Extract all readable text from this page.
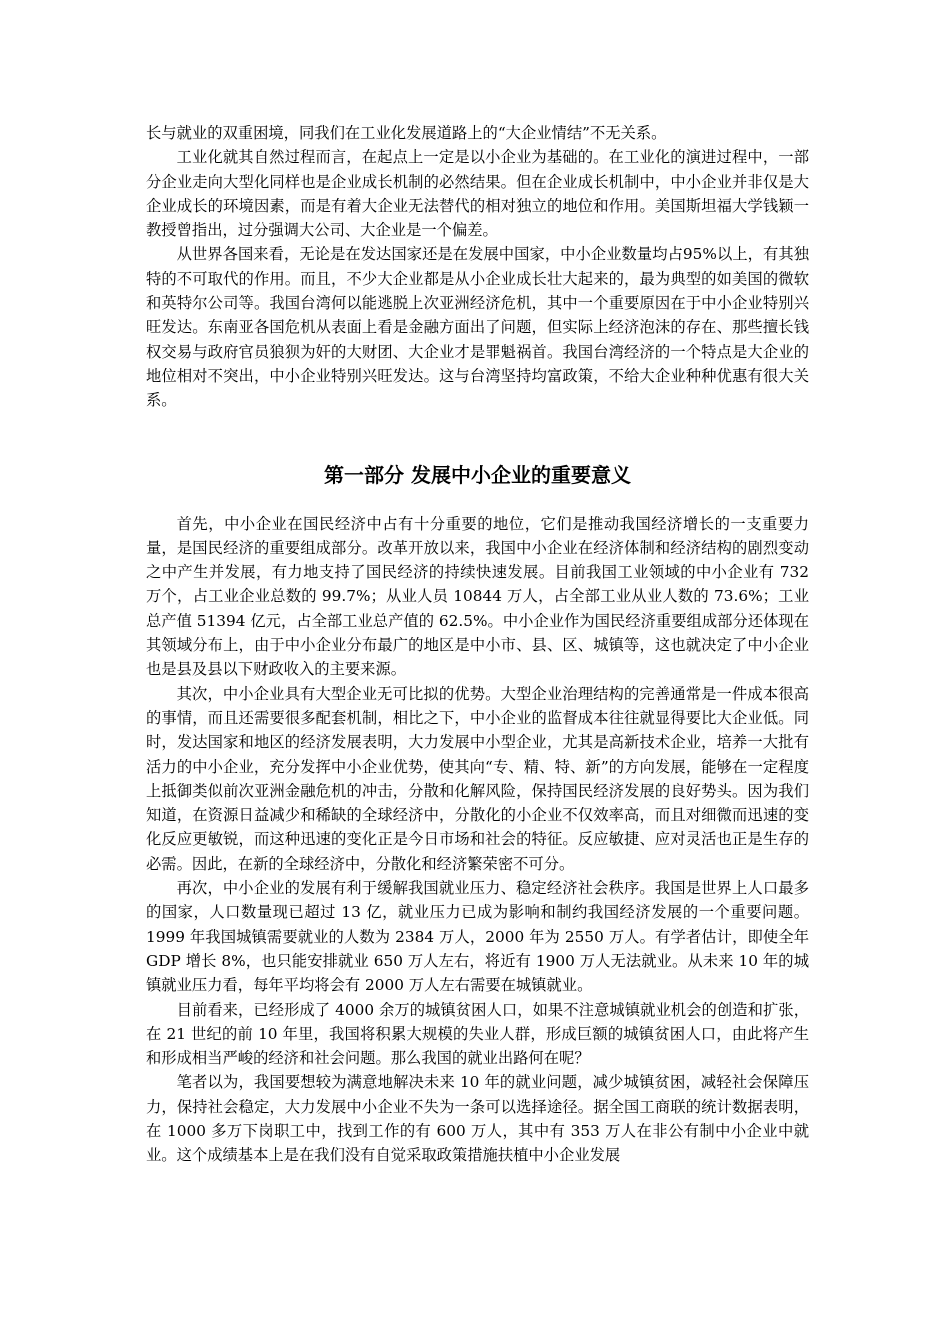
长与就业的双重困境，同我们在工业化发展道路上的“大企业情结”不无关系。

工业化就其自然过程而言，在起点上一定是以小企业为基础的。在工业化的演进过程中，一部分企业走向大型化同样也是企业成长机制的必然结果。但在企业成长机制中，中小企业并非仅是大企业成长的环境因素，而是有着大企业无法替代的相对独立的地位和作用。美国斯坦福大学钱颖一教授曾指出，过分强调大公司、大企业是一个偏差。

从世界各国来看，无论是在发达国家还是在发展中国家，中小企业数量均占95%以上，有其独特的不可取代的作用。而且，不少大企业都是从小企业成长壮大起来的，最为典型的如美国的微软和英特尔公司等。我国台湾何以能逃脱上次亚洲经济危机，其中一个重要原因在于中小企业特别兴旺发达。东南亚各国危机从表面上看是金融方面出了问题，但实际上经济泡沫的存在、那些擅长钱权交易与政府官员狼狈为奸的大财团、大企业才是罪魁祸首。我国台湾经济的一个特点是大企业的地位相对不突出，中小企业特别兴旺发达。这与台湾坚持均富政策，不给大企业种种优惠有很大关系。

第一部分 发展中小企业的重要意义

首先，中小企业在国民经济中占有十分重要的地位，它们是推动我国经济增长的一支重要力量，是国民经济的重要组成部分。改革开放以来，我国中小企业在经济体制和经济结构的剧烈变动之中产生并发展，有力地支持了国民经济的持续快速发展。目前我国工业领域的中小企业有 732 万个，占工业企业总数的 99.7%；从业人员 10844 万人，占全部工业从业人数的 73.6%；工业总产值 51394 亿元，占全部工业总产值的 62.5%。中小企业作为国民经济重要组成部分还体现在其领域分布上，由于中小企业分布最广的地区是中小市、县、区、城镇等，这也就决定了中小企业也是县及县以下财政收入的主要来源。

其次，中小企业具有大型企业无可比拟的优势。大型企业治理结构的完善通常是一件成本很高的事情，而且还需要很多配套机制，相比之下，中小企业的监督成本往往就显得要比大企业低。同时，发达国家和地区的经济发展表明，大力发展中小型企业，尤其是高新技术企业，培养一大批有活力的中小企业，充分发挥中小企业优势，使其向“专、精、特、新”的方向发展，能够在一定程度上抵御类似前次亚洲金融危机的冲击，分散和化解风险，保持国民经济发展的良好势头。因为我们知道，在资源日益减少和稀缺的全球经济中，分散化的小企业不仅效率高，而且对细微而迅速的变化反应更敏锐，而这种迅速的变化正是今日市场和社会的特征。反应敏捷、应对灵活也正是生存的必需。因此，在新的全球经济中，分散化和经济繁荣密不可分。

再次，中小企业的发展有利于缓解我国就业压力、稳定经济社会秩序。我国是世界上人口最多的国家，人口数量现已超过 13 亿，就业压力已成为影响和制约我国经济发展的一个重要问题。1999 年我国城镇需要就业的人数为 2384 万人，2000 年为 2550 万人。有学者估计，即使全年 GDP 增长 8%，也只能安排就业 650 万人左右，将近有 1900 万人无法就业。从未来 10 年的城镇就业压力看，每年平均将会有 2000 万人左右需要在城镇就业。

目前看来，已经形成了 4000 余万的城镇贫困人口，如果不注意城镇就业机会的创造和扩张，在 21 世纪的前 10 年里，我国将积累大规模的失业人群，形成巨额的城镇贫困人口，由此将产生和形成相当严峻的经济和社会问题。那么我国的就业出路何在呢？

笔者以为，我国要想较为满意地解决未来 10 年的就业问题，减少城镇贫困，减轻社会保障压力，保持社会稳定，大力发展中小企业不失为一条可以选择途径。据全国工商联的统计数据表明，在 1000 多万下岗职工中，找到工作的有 600 万人，其中有 353 万人在非公有制中小企业中就业。这个成绩基本上是在我们没有自觉采取政策措施扶植中小企业发展
